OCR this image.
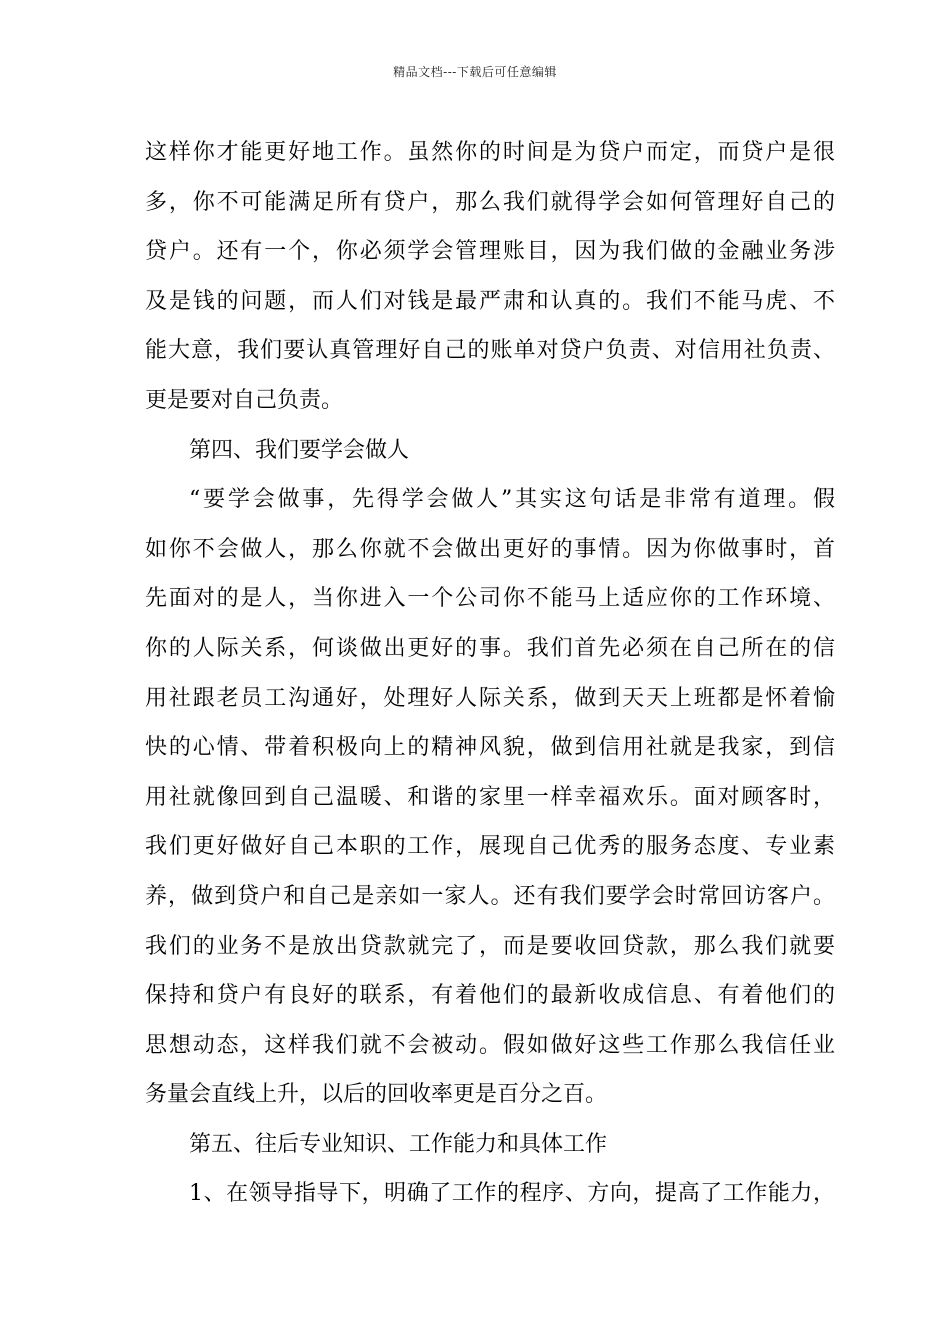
精品文档---下载后可任意编辑
这样你才能更好地工作。虽然你的时间是为贷户而定，而贷户是很
多，你不可能满足所有贷户，那么我们就得学会如何管理好自己的
贷户。还有一个，你必须学会管理账目，因为我们做的金融业务涉
及是钱的问题，而人们对钱是最严肃和认真的。我们不能马虎、不
能大意，我们要认真管理好自己的账单对贷户负责、对信用社负责、
更是要对自己负责。
第四、我们要学会做人
“要学会做事，先得学会做人”其实这句话是非常有道理。假
如你不会做人，那么你就不会做出更好的事情。因为你做事时，首
先面对的是人，当你进入一个公司你不能马上适应你的工作环境、
你的人际关系，何谈做出更好的事。我们首先必须在自己所在的信
用社跟老员工沟通好，处理好人际关系，做到天天上班都是怀着愉
快的心情、带着积极向上的精神风貌，做到信用社就是我家，到信
用社就像回到自己温暖、和谐的家里一样幸福欢乐。面对顾客时，
我们更好做好自己本职的工作，展现自己优秀的服务态度、专业素
养，做到贷户和自己是亲如一家人。还有我们要学会时常回访客户。
我们的业务不是放出贷款就完了，而是要收回贷款，那么我们就要
保持和贷户有良好的联系，有着他们的最新收成信息、有着他们的
思想动态，这样我们就不会被动。假如做好这些工作那么我信任业
务量会直线上升，以后的回收率更是百分之百。
第五、往后专业知识、工作能力和具体工作
1、在领导指导下，明确了工作的程序、方向，提高了工作能力，
